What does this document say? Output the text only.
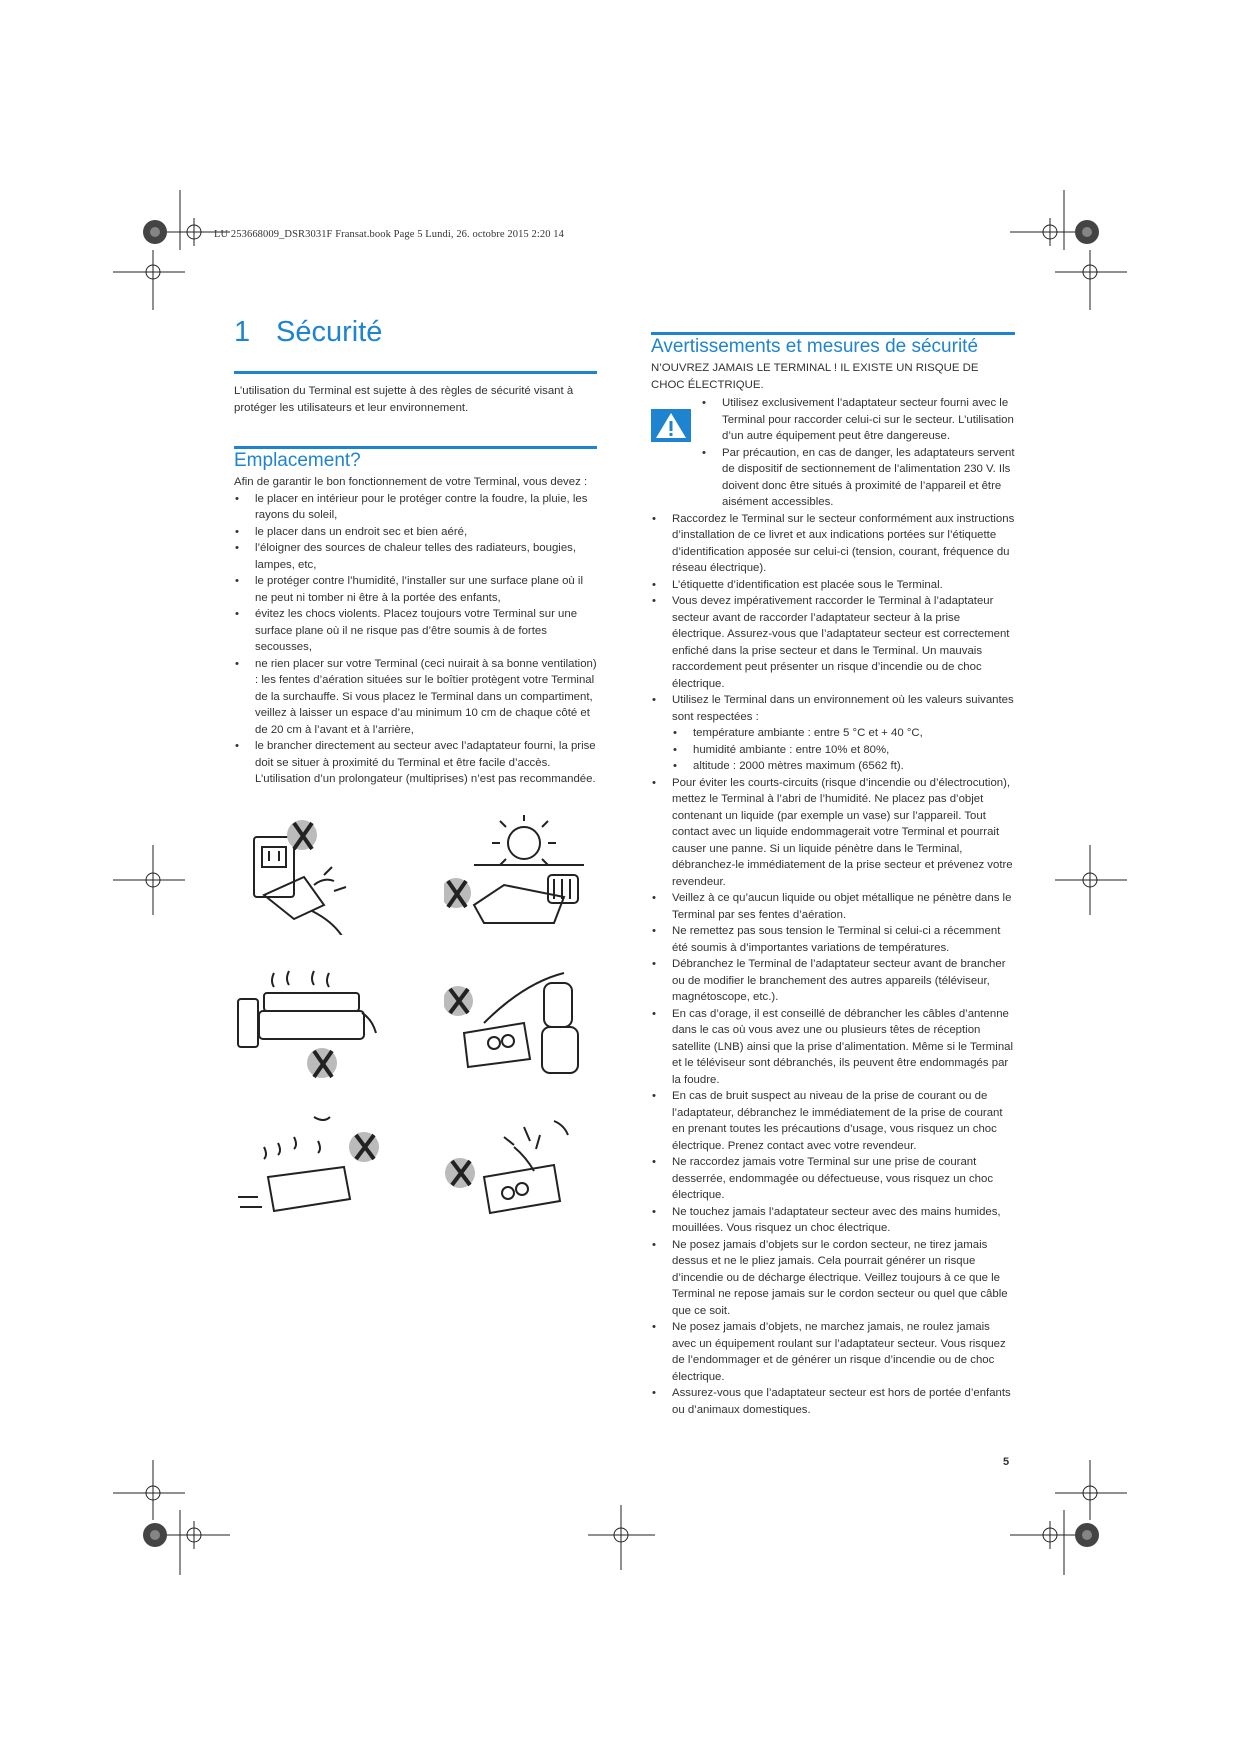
LU 253668009_DSR3031F Fransat.book Page 5 Lundi, 26. octobre 2015 2:20 14
1 Sécurité

L’utilisation du Terminal est sujette à des règles de sécurité visant à protéger les utilisateurs et leur environnement.

Emplacement?

Afin de garantir le bon fonctionnement de votre Terminal, vous devez :

• le placer en intérieur pour le protéger contre la foudre, la pluie, les rayons du soleil,
• le placer dans un endroit sec et bien aéré,
• l’éloigner des sources de chaleur telles des radiateurs, bougies, lampes, etc,
• le protéger contre l’humidité, l’installer sur une surface plane où il ne peut ni tomber ni être à la portée des enfants,
• évitez les chocs violents. Placez toujours votre Terminal sur une surface plane où il ne risque pas d’être soumis à de fortes secousses,
• ne rien placer sur votre Terminal (ceci nuirait à sa bonne ventilation) : les fentes d’aération situées sur le boîtier protègent votre Terminal de la surchauffe. Si vous placez le Terminal dans un compartiment, veillez à laisser un espace d’au minimum 10 cm de chaque côté et de 20 cm à l’avant et à l’arrière,
• le brancher directement au secteur avec l’adaptateur fourni, la prise doit se situer à proximité du Terminal et être facile d’accès. L’utilisation d’un prolongateur (multiprises) n’est pas recommandée.
Avertissements et mesures de sécurité

N’OUVREZ JAMAIS LE TERMINAL ! IL EXISTE UN RISQUE DE CHOC ÉLECTRIQUE.

• Utilisez exclusivement l’adaptateur secteur fourni avec le Terminal pour raccorder celui-ci sur le secteur. L’utilisation d’un autre équipement peut être dangereuse.
• Par précaution, en cas de danger, les adaptateurs servent de dispositif de sectionnement de l’alimentation 230 V. Ils doivent donc être situés à proximité de l’appareil et être aisément accessibles.
• Raccordez le Terminal sur le secteur conformément aux instructions d’installation de ce livret et aux indications portées sur l’étiquette d’identification apposée sur celui-ci (tension, courant, fréquence du réseau électrique).
• L’étiquette d’identification est placée sous le Terminal.
• Vous devez impérativement raccorder le Terminal à l’adaptateur secteur avant de raccorder l’adaptateur secteur à la prise électrique. Assurez-vous que l’adaptateur secteur est correctement enfiché dans la prise secteur et dans le Terminal. Un mauvais raccordement peut présenter un risque d’incendie ou de choc électrique.
• Utilisez le Terminal dans un environnement où les valeurs suivantes sont respectées :
• température ambiante : entre 5 °C et + 40 °C,
• humidité ambiante : entre 10% et 80%,
• altitude : 2000 mètres maximum (6562 ft).
• Pour éviter les courts-circuits (risque d’incendie ou d’électrocution), mettez le Terminal à l’abri de l’humidité. Ne placez pas d’objet contenant un liquide (par exemple un vase) sur l’appareil. Tout contact avec un liquide endommagerait votre Terminal et pourrait causer une panne. Si un liquide pénètre dans le Terminal, débranchez-le immédiatement de la prise secteur et prévenez votre revendeur.
• Veillez à ce qu’aucun liquide ou objet métallique ne pénètre dans le Terminal par ses fentes d’aération.
• Ne remettez pas sous tension le Terminal si celui-ci a récemment été soumis à d’importantes variations de températures.
• Débranchez le Terminal de l’adaptateur secteur avant de brancher ou de modifier le branchement des autres appareils (téléviseur, magnétoscope, etc.).
• En cas d’orage, il est conseillé de débrancher les câbles d’antenne dans le cas où vous avez une ou plusieurs têtes de réception satellite (LNB) ainsi que la prise d’alimentation. Même si le Terminal et le téléviseur sont débranchés, ils peuvent être endommagés par la foudre.
• En cas de bruit suspect au niveau de la prise de courant ou de l’adaptateur, débranchez le immédiatement de la prise de courant en prenant toutes les précautions d’usage, vous risquez un choc électrique. Prenez contact avec votre revendeur.
• Ne raccordez jamais votre Terminal sur une prise de courant desserrée, endommagée ou défectueuse, vous risquez un choc électrique.
• Ne touchez jamais l’adaptateur secteur avec des mains humides, mouillées. Vous risquez un choc électrique.
• Ne posez jamais d’objets sur le cordon secteur, ne tirez jamais dessus et ne le pliez jamais. Cela pourrait générer un risque d’incendie ou de décharge électrique. Veillez toujours à ce que le Terminal ne repose jamais sur le cordon secteur ou quel que câble que ce soit.
• Ne posez jamais d’objets, ne marchez jamais, ne roulez jamais avec un équipement roulant sur l’adaptateur secteur. Vous risquez de l’endommager et de générer un risque d’incendie ou de choc électrique.
• Assurez-vous que l’adaptateur secteur est hors de portée d’enfants ou d’animaux domestiques.
5
